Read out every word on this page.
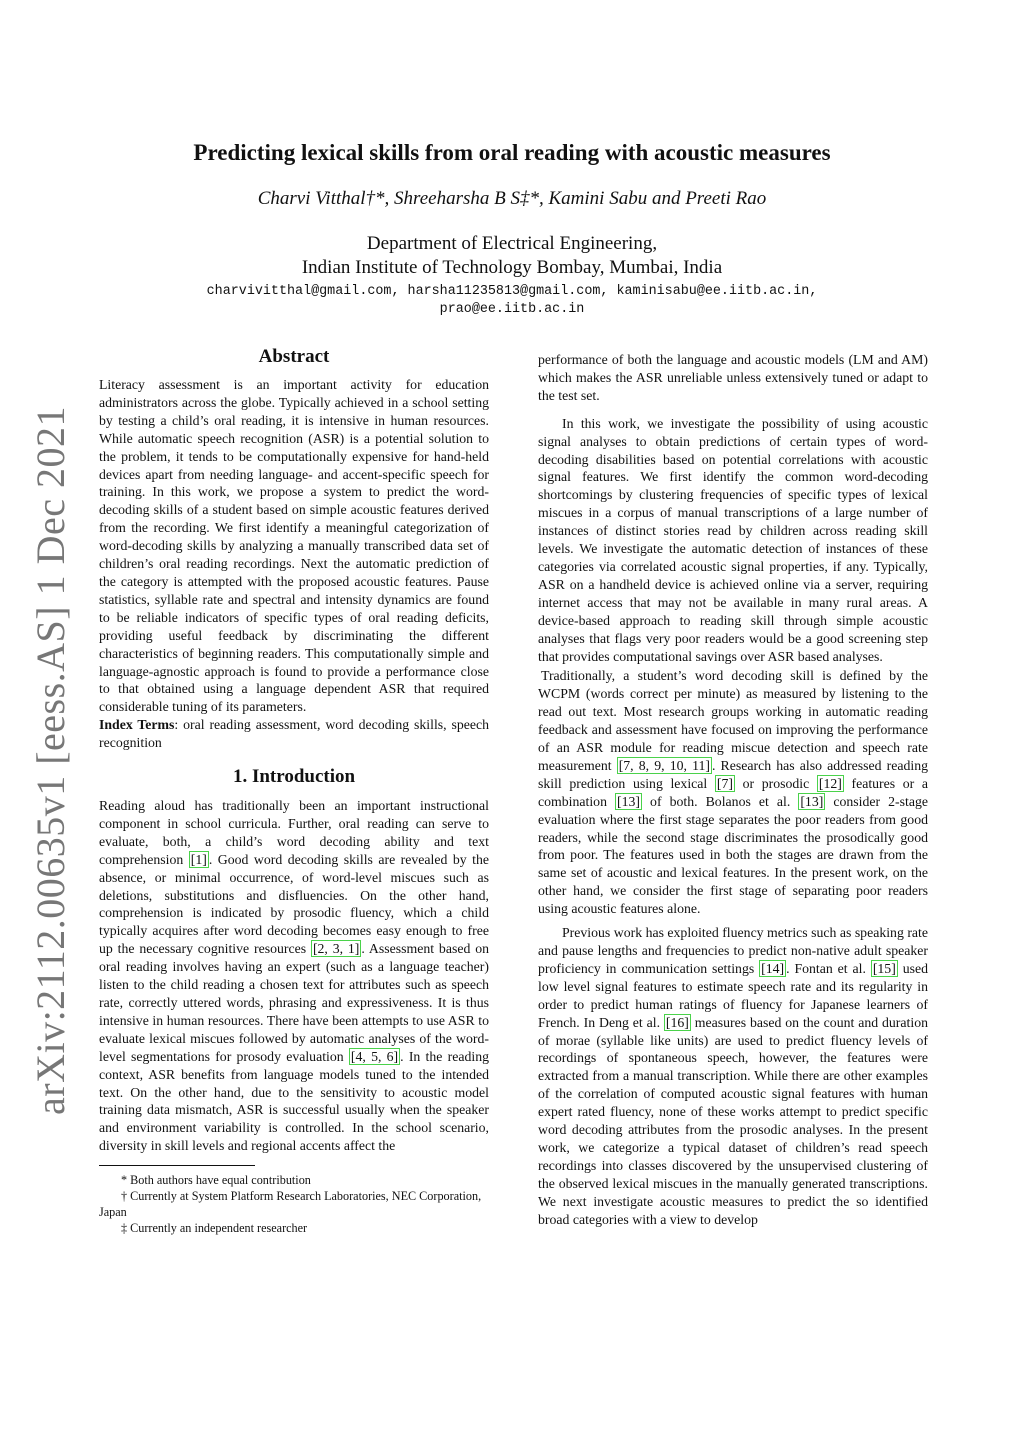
arXiv:2112.00635v1 [eess.AS] 1 Dec 2021
Predicting lexical skills from oral reading with acoustic measures
Charvi Vitthal†*, Shreeharsha B S‡*, Kamini Sabu and Preeti Rao
Department of Electrical Engineering,
Indian Institute of Technology Bombay, Mumbai, India
charvivitthal@gmail.com, harsha11235813@gmail.com, kaminisabu@ee.iitb.ac.in,
prao@ee.iitb.ac.in
Abstract

Literacy assessment is an important activity for education administrators across the globe. Typically achieved in a school setting by testing a child’s oral reading, it is intensive in human resources. While automatic speech recognition (ASR) is a potential solution to the problem, it tends to be computationally expensive for hand-held devices apart from needing language- and accent-specific speech for training. In this work, we propose a system to predict the word-decoding skills of a student based on simple acoustic features derived from the recording. We first identify a meaningful categorization of word-decoding skills by analyzing a manually transcribed data set of children’s oral reading recordings. Next the automatic prediction of the category is attempted with the proposed acoustic features. Pause statistics, syllable rate and spectral and intensity dynamics are found to be reliable indicators of specific types of oral reading deficits, providing useful feedback by discriminating the different characteristics of beginning readers. This computationally simple and language-agnostic approach is found to provide a performance close to that obtained using a language dependent ASR that required considerable tuning of its parameters.

Index Terms: oral reading assessment, word decoding skills, speech recognition

1. Introduction

Reading aloud has traditionally been an important instructional component in school curricula. Further, oral reading can serve to evaluate, both, a child’s word decoding ability and text comprehension [1] . Good word decoding skills are revealed by the absence, or minimal occurrence, of word-level miscues such as deletions, substitutions and disfluencies. On the other hand, comprehension is indicated by prosodic fluency, which a child typically acquires after word decoding becomes easy enough to free up the necessary cognitive resources [2, 3, 1] . Assessment based on oral reading involves having an expert (such as a language teacher) listen to the child reading a chosen text for attributes such as speech rate, correctly uttered words, phrasing and expressiveness. It is thus intensive in human resources. There have been attempts to use ASR to evaluate lexical miscues followed by automatic analyses of the word-level segmentations for prosody evaluation [4, 5, 6] . In the reading context, ASR benefits from language models tuned to the intended text. On the other hand, due to the sensitivity to acoustic model training data mismatch, ASR is successful usually when the speaker and environment variability is controlled. In the school scenario, diversity in skill levels and regional accents affect the

* Both authors have equal contribution

† Currently at System Platform Research Laboratories, NEC Corporation, Japan

‡ Currently an independent researcher

performance of both the language and acoustic models (LM and AM) which makes the ASR unreliable unless extensively tuned or adapt to the test set.

In this work, we investigate the possibility of using acoustic signal analyses to obtain predictions of certain types of word-decoding disabilities based on potential correlations with acoustic signal features. We first identify the common word-decoding shortcomings by clustering frequencies of specific types of lexical miscues in a corpus of manual transcriptions of a large number of instances of distinct stories read by children across reading skill levels. We investigate the automatic detection of instances of these categories via correlated acoustic signal properties, if any. Typically, ASR on a handheld device is achieved online via a server, requiring internet access that may not be available in many rural areas. A device-based approach to reading skill through simple acoustic analyses that flags very poor readers would be a good screening step that provides computational savings over ASR based analyses.

Traditionally, a student’s word decoding skill is defined by the WCPM (words correct per minute) as measured by listening to the read out text. Most research groups working in automatic reading feedback and assessment have focused on improving the performance of an ASR module for reading miscue detection and speech rate measurement [7, 8, 9, 10, 11] . Research has also addressed reading skill prediction using lexical [7] or prosodic [12] features or a combination [13] of both. Bolanos et al. [13] consider 2-stage evaluation where the first stage separates the poor readers from good readers, while the second stage discriminates the prosodically good from poor. The features used in both the stages are drawn from the same set of acoustic and lexical features. In the present work, on the other hand, we consider the first stage of separating poor readers using acoustic features alone.

Previous work has exploited fluency metrics such as speaking rate and pause lengths and frequencies to predict non-native adult speaker proficiency in communication settings [14] . Fontan et al. [15] used low level signal features to estimate speech rate and its regularity in order to predict human ratings of fluency for Japanese learners of French. In Deng et al. [16] measures based on the count and duration of morae (syllable like units) are used to predict fluency levels of recordings of spontaneous speech, however, the features were extracted from a manual transcription. While there are other examples of the correlation of computed acoustic signal features with human expert rated fluency, none of these works attempt to predict specific word decoding attributes from the prosodic analyses. In the present work, we categorize a typical dataset of children’s read speech recordings into classes discovered by the unsupervised clustering of the observed lexical miscues in the manually generated transcriptions. We next investigate acoustic measures to predict the so identified broad categories with a view to develop
